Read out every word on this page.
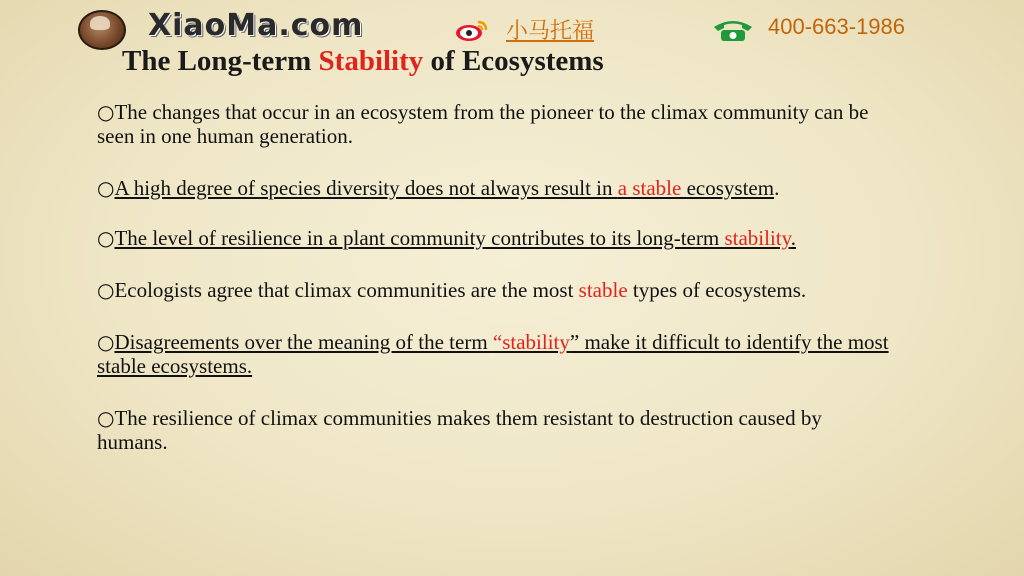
XiaoMa.com	小马托福	400-663-1986
The Long-term Stability of Ecosystems

○The changes that occur in an ecosystem from the pioneer to the climax community can be seen in one human generation.

○A high degree of species diversity does not always result in a stable ecosystem.

○The level of resilience in a plant community contributes to its long-term stability.

○Ecologists agree that climax communities are the most stable types of ecosystems.

○Disagreements over the meaning of the term “stability” make it difficult to identify the most stable ecosystems.

○The resilience of climax communities makes them resistant to destruction caused by humans.
